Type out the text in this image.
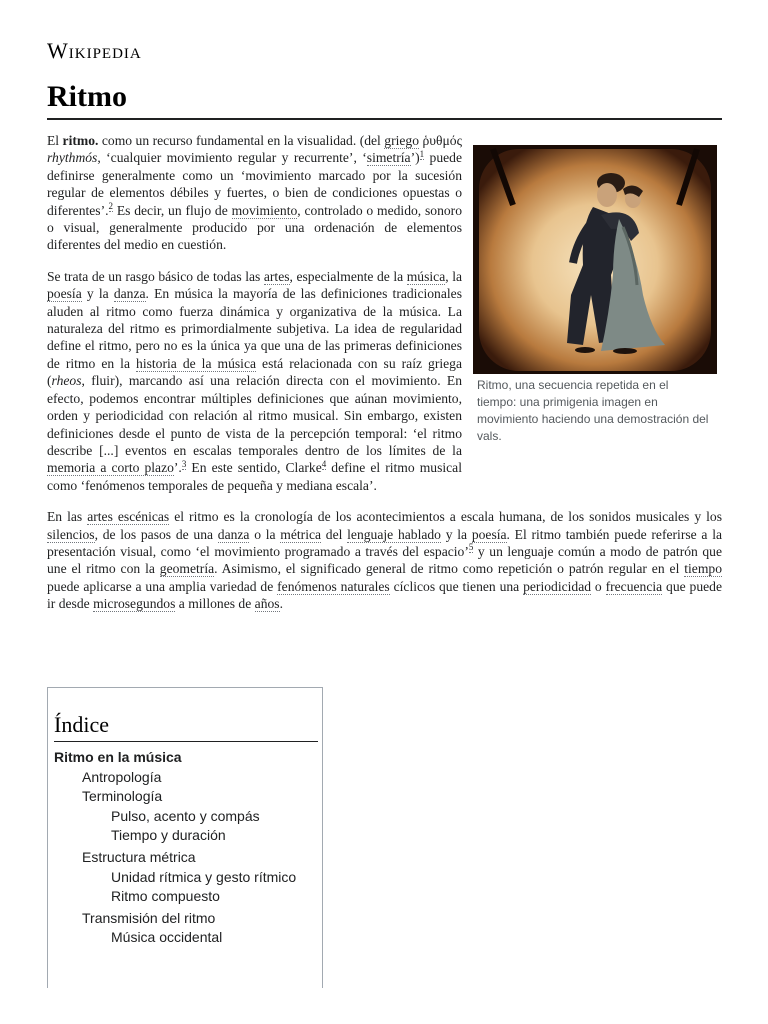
Wikipedia
Ritmo

El ritmo. como un recurso fundamental en la visualidad. (del griego ῥυθμός rhythmós, ‘cualquier movimiento regular y recurrente’, ‘simetría’)$^1$ puede definirse generalmente como un ‘movimiento marcado por la sucesión regular de elementos débiles y fuertes, o bien de condiciones opuestas o diferentes’.$^2$ Es decir, un flujo de movimiento, controlado o medido, sonoro o visual, generalmente producido por una ordenación de elementos diferentes del medio en cuestión.

Se trata de un rasgo básico de todas las artes, especialmente de la música, la poesía y la danza. En música la mayoría de las definiciones tradicionales aluden al ritmo como fuerza dinámica y organizativa de la música. La naturaleza del ritmo es primordialmente subjetiva. La idea de regularidad define el ritmo, pero no es la única ya que una de las primeras definiciones de ritmo en la historia de la música está relacionada con su raíz griega (rheos, fluir), marcando así una relación directa con el movimiento. En efecto, podemos encontrar múltiples definiciones que aúnan movimiento, orden y periodicidad con relación al ritmo musical. Sin embargo, existen definiciones desde el punto de vista de la percepción temporal: ‘el ritmo describe [...] eventos en escalas temporales dentro de los límites de la memoria a corto plazo’.$^3$ En este sentido, Clarke$^4$ define el ritmo musical como ‘fenómenos temporales de pequeña y mediana escala’.

En las artes escénicas el ritmo es la cronología de los acontecimientos a escala humana, de los sonidos musicales y los silencios, de los pasos de una danza o la métrica del lenguaje hablado y la poesía. El ritmo también puede referirse a la presentación visual, como ‘el movimiento programado a través del espacio’$^5$ y un lenguaje común a modo de patrón que une el ritmo con la geometría. Asimismo, el significado general de ritmo como repetición o patrón regular en el tiempo puede aplicarse a una amplia variedad de fenómenos naturales cíclicos que tienen una periodicidad o frecuencia que puede ir desde microsegundos a millones de años.

Ritmo, una secuencia repetida en el tiempo: una primigenia imagen en movimiento haciendo una demostración del vals.
Índice
Ritmo en la música
Antropología
Terminología
Pulso, acento y compás
Tiempo y duración
Estructura métrica
Unidad rítmica y gesto rítmico
Ritmo compuesto
Transmisión del ritmo
Música occidental
